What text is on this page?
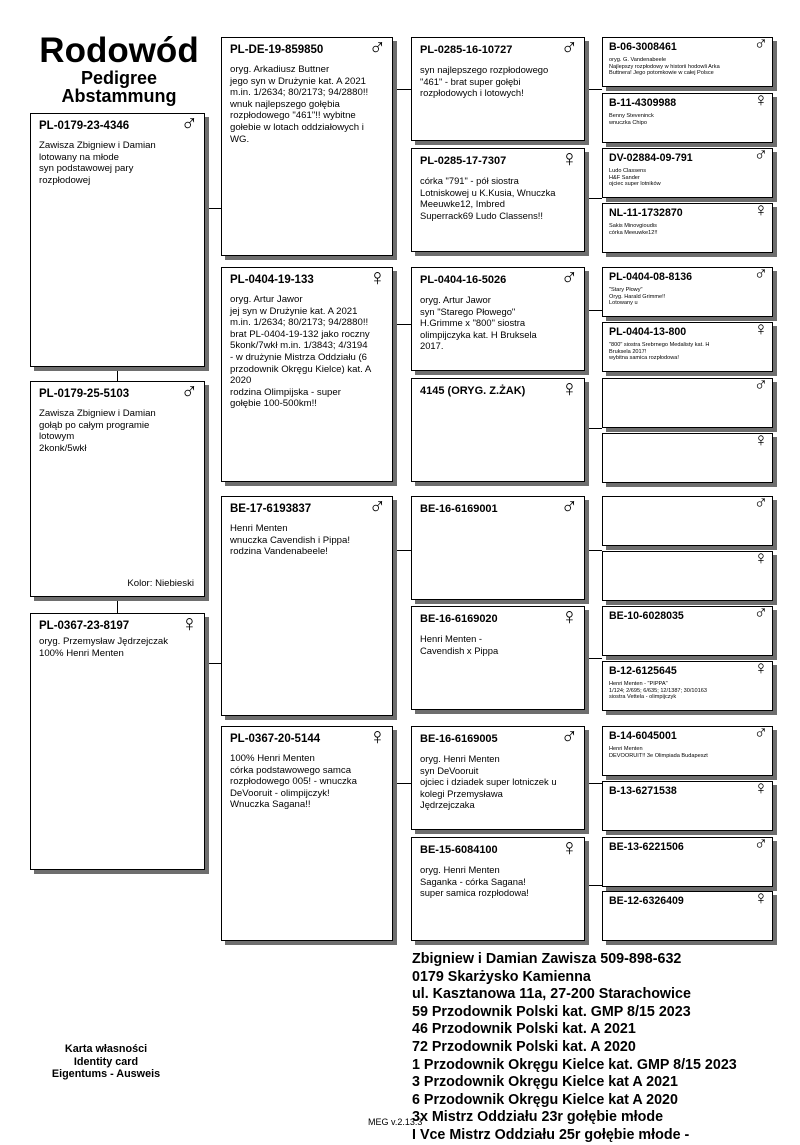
Rodowód
Pedigree
Abstammung
PL-0179-23-4346 ♂
Zawisza Zbigniew i Damian
lotowany na młode
syn podstawowej pary
rozpłodowej
PL-0179-25-5103 ♂
Zawisza Zbigniew i Damian
gołąb po całym programie
lotowym
2konk/5wkł
Kolor: Niebieski
PL-0367-23-8197 ♀
oryg. Przemysław Jędrzejczak
100% Henri Menten
PL-DE-19-859850 ♂
oryg. Arkadiusz Buttner
jego syn w Drużynie kat. A 2021
m.in. 1/2634; 80/2173; 94/2880!!
wnuk najlepszego gołębia
rozpłodowego "461"!! wybitne
gołebie w lotach oddziałowych i
WG.
PL-0404-19-133 ♀
oryg. Artur Jawor
jej syn w Drużynie kat. A 2021
m.in. 1/2634; 80/2173; 94/2880!!
brat PL-0404-19-132 jako roczny
5konk/7wkł m.in. 1/3843; 4/3194
- w drużynie Mistrza Oddziału (6
przodownik Okręgu Kielce) kat. A
2020
rodzina Olimpijska - super
gołębie 100-500km!!
BE-17-6193837	♂
Henri Menten
wnuczka Cavendish i Pippa!
rodzina Vandenabeele!
PL-0367-20-5144 ♀
100% Henri Menten
córka podstawowego samca
rozpłodowego 005! - wnuczka
DeVooruit - olimpijczyk!
Wnuczka Sagana!!
PL-0285-16-10727 ♂
syn najlepszego rozpłodowego
"461" - brat super gołębi
rozpłodowych i lotowych!
PL-0285-17-7307 ♀
córka "791" - pół siostra
Lotniskowej u K.Kusia, Wnuczka
Meeuwke12, Imbred
Superrack69 Ludo Classens!!
PL-0404-16-5026 ♂
oryg. Artur Jawor
syn "Starego Płowego"
H.Grimme x "800" siostra
olimpijczyka kat. H Bruksela
2017.
4145 (ORYG. Z.ŻAK) ♀
BE-16-6169001	♂
BE-16-6169020	♀
Henri Menten -
Cavendish x Pippa
BE-16-6169005	♂
oryg. Henri Menten
syn DeVooruit
ojciec i dziadek super lotniczek u
kolegi Przemysława
Jędrzejczaka
BE-15-6084100	♀
oryg. Henri Menten
Saganka - córka Sagana!
super samica rozpłodowa!
B-06-3008461	♂
oryg. G. Vandenabeele
Najlepszy rozpłodowy w historii hodowli Arka
Buttnera! Jego potomkowie w całej Polsce
B-11-4309988	♀
Benny Steveninck
wnuczka Chipo
DV-02884-09-791	♂
Ludo Classens
H&F Sander
ojciec super lotników
NL-11-1732870	♀
Sakis Minovgioudis
córka Meeuwke12!!
PL-0404-08-8136	♂
"Stary Płowy"
Oryg. Harald Grimme!!
Lotowany u
PL-0404-13-800	♀
"800" siostra Srebrnego Medalisty kat. H
Bruksela 2017!
wybitna samica rozpłodowa!
♂
♀
♂
♀
BE-10-6028035	♂
B-12-6125645	♀
Henri Menten - "PIPPA"
1/124; 2/695; 6/635; 12/1387; 30/10163
siostra Vettela - olimpijczyk
B-14-6045001	♂
Henri Menten
DEVOORUIT!! 3e Olimpiada Budapeszt
B-13-6271538	♀
BE-13-6221506	♂
BE-12-6326409	♀
Zbigniew i Damian Zawisza 509-898-632
0179 Skarżysko Kamienna
ul. Kasztanowa 11a, 27-200 Starachowice
59 Przodownik Polski kat. GMP 8/15 2023
46 Przodownik Polski kat. A 2021
72 Przodownik Polski kat. A 2020
1 Przodownik Okręgu Kielce kat. GMP 8/15 2023
3 Przodownik Okręgu Kielce kat A 2021
6 Przodownik Okręgu Kielce kat A 2020
3x Mistrz Oddziału 23r gołębie młode
I Vce Mistrz Oddziału 25r gołębie młode -
Karta własności
Identity card
Eigentums - Ausweis
MEG v.2.13.3
